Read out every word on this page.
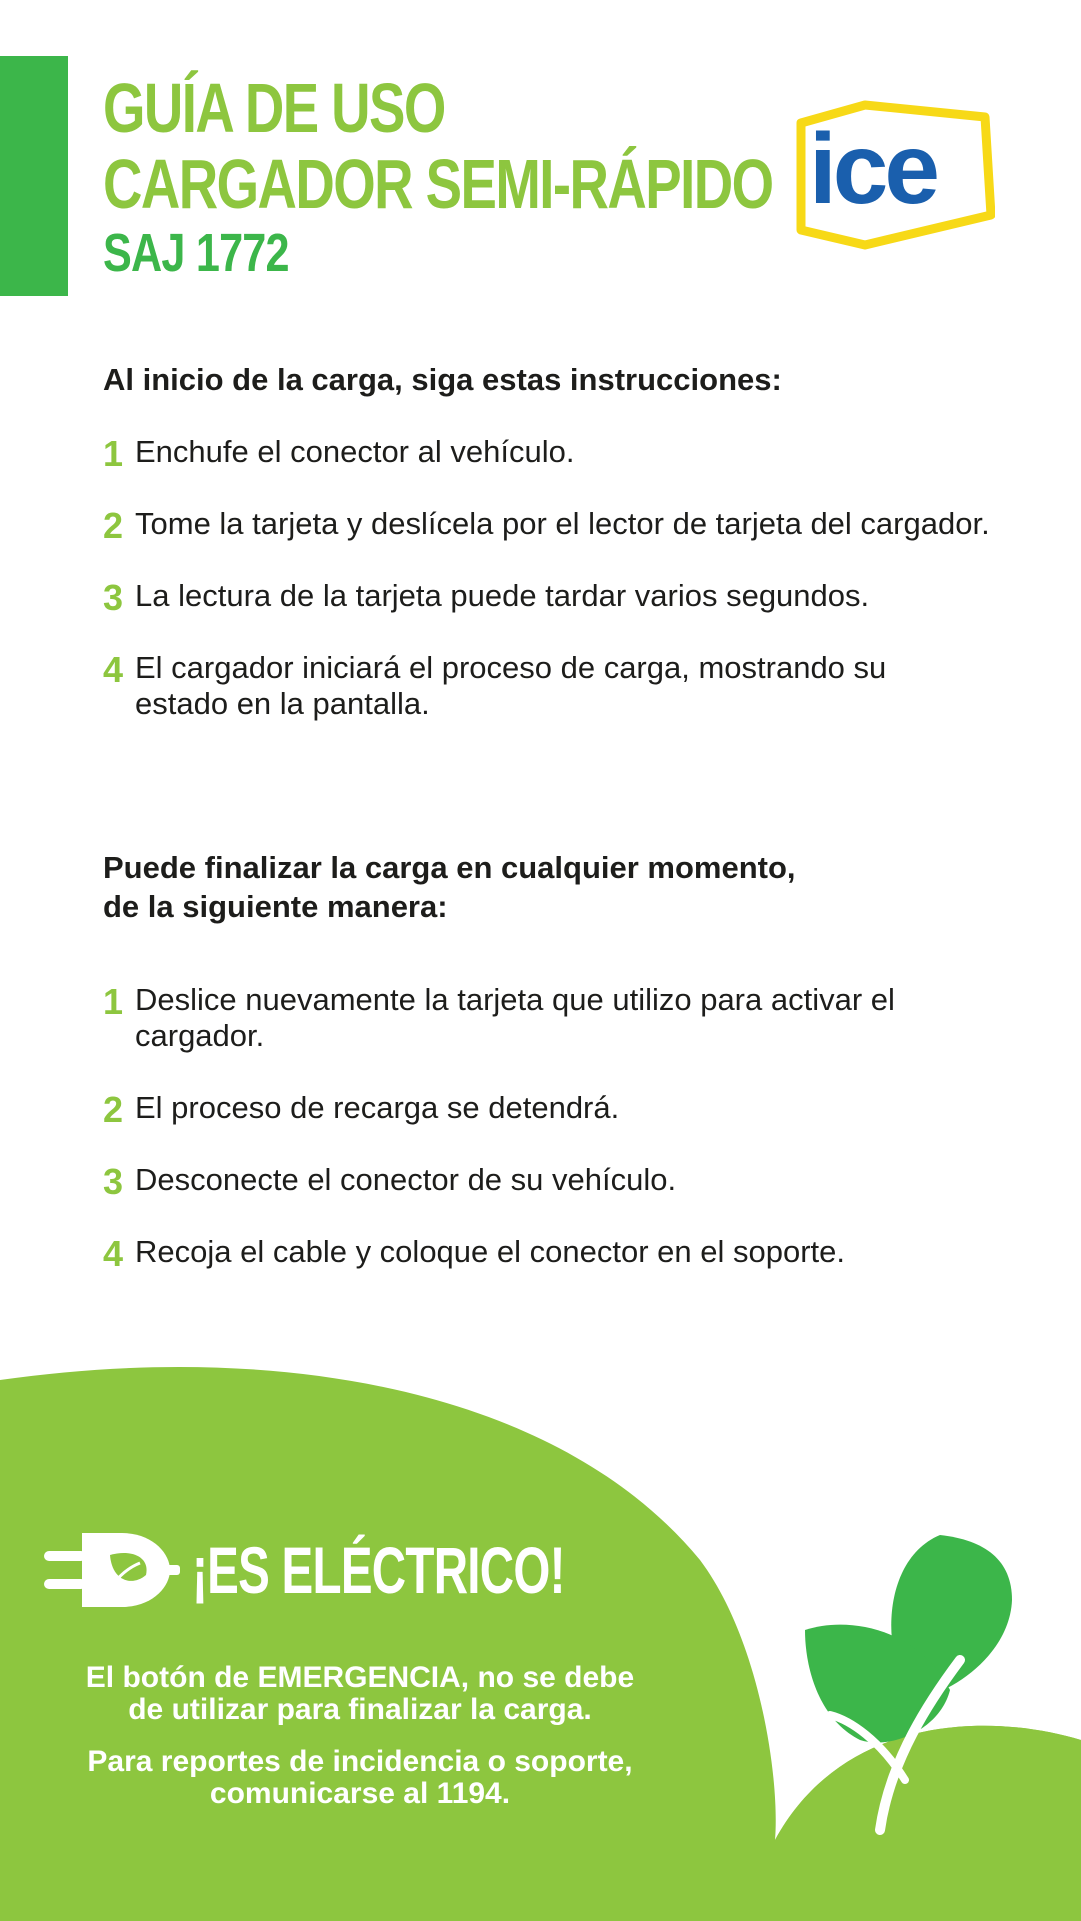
GUÍA DE USO
CARGADOR SEMI-RÁPIDO
SAJ 1772
ice
Al inicio de la carga, siga estas instrucciones:
1 Enchufe el conector al vehículo.
2 Tome la tarjeta y deslícela por el lector de tarjeta del cargador.
3 La lectura de la tarjeta puede tardar varios segundos.
4 El cargador iniciará el proceso de carga, mostrando su estado en la pantalla.
Puede finalizar la carga en cualquier momento,
de la siguiente manera:
1 Deslice nuevamente la tarjeta que utilizo para activar el cargador.
2 El proceso de recarga se detendrá.
3 Desconecte el conector de su vehículo.
4 Recoja el cable y coloque el conector en el soporte.
¡ES ELÉCTRICO!

El botón de EMERGENCIA, no se debe
de utilizar para finalizar la carga.

Para reportes de incidencia o soporte,
comunicarse al 1194.
